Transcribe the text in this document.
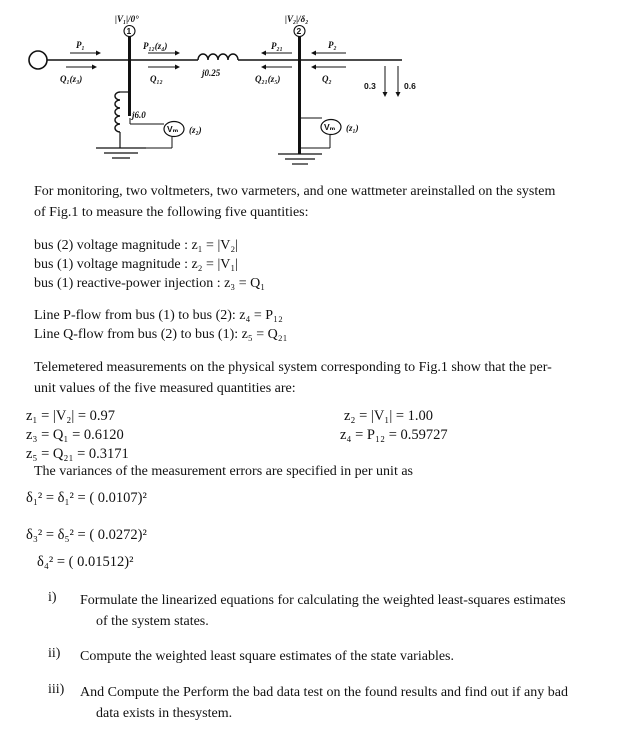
1
|V₁|/0°
P₁
Q₁(z₃)
P₁₂(z₄)
Q₁₂
j0.25
j6.0
Vₘ (z₂)
2
|V₂|/δ₂
P₂₁
Q₂₁(z₅)
P₂
Q₂
0.3	0.6
Vₘ (z₁)
For monitoring, two voltmeters, two varmeters, and one wattmeter areinstalled on the system
of Fig.1 to measure the following five quantities:
bus (2) voltage magnitude : z₁ = |V₂|
bus (1) voltage magnitude : z₂ = |V₁|
bus (1) reactive-power injection : z₃ = Q₁
Line P-flow from bus (1) to bus (2): z₄ = P₁₂
Line Q-flow from bus (2) to bus (1): z₅ = Q₂₁
Telemetered measurements on the physical system corresponding to Fig.1 show that the per-
unit values of the five measured quantities are:
z₁ = |V₂| = 0.97	z₂ = |V₁| = 1.00
z₃ = Q₁ = 0.6120	z₄ = P₁₂ = 0.59727
z₅ = Q₂₁ = 0.3171
The variances of the measurement errors are specified in per unit as
δ₁² = δ₁² = ( 0.0107)²
δ₃² = δ₅² = ( 0.0272)²
δ₄² = ( 0.01512)²
i) Formulate the linearized equations for calculating the weighted least-squares estimates
of the system states.
ii) Compute the weighted least square estimates of the state variables.
iii) And Compute the Perform the bad data test on the found results and find out if any bad
data exists in thesystem.
